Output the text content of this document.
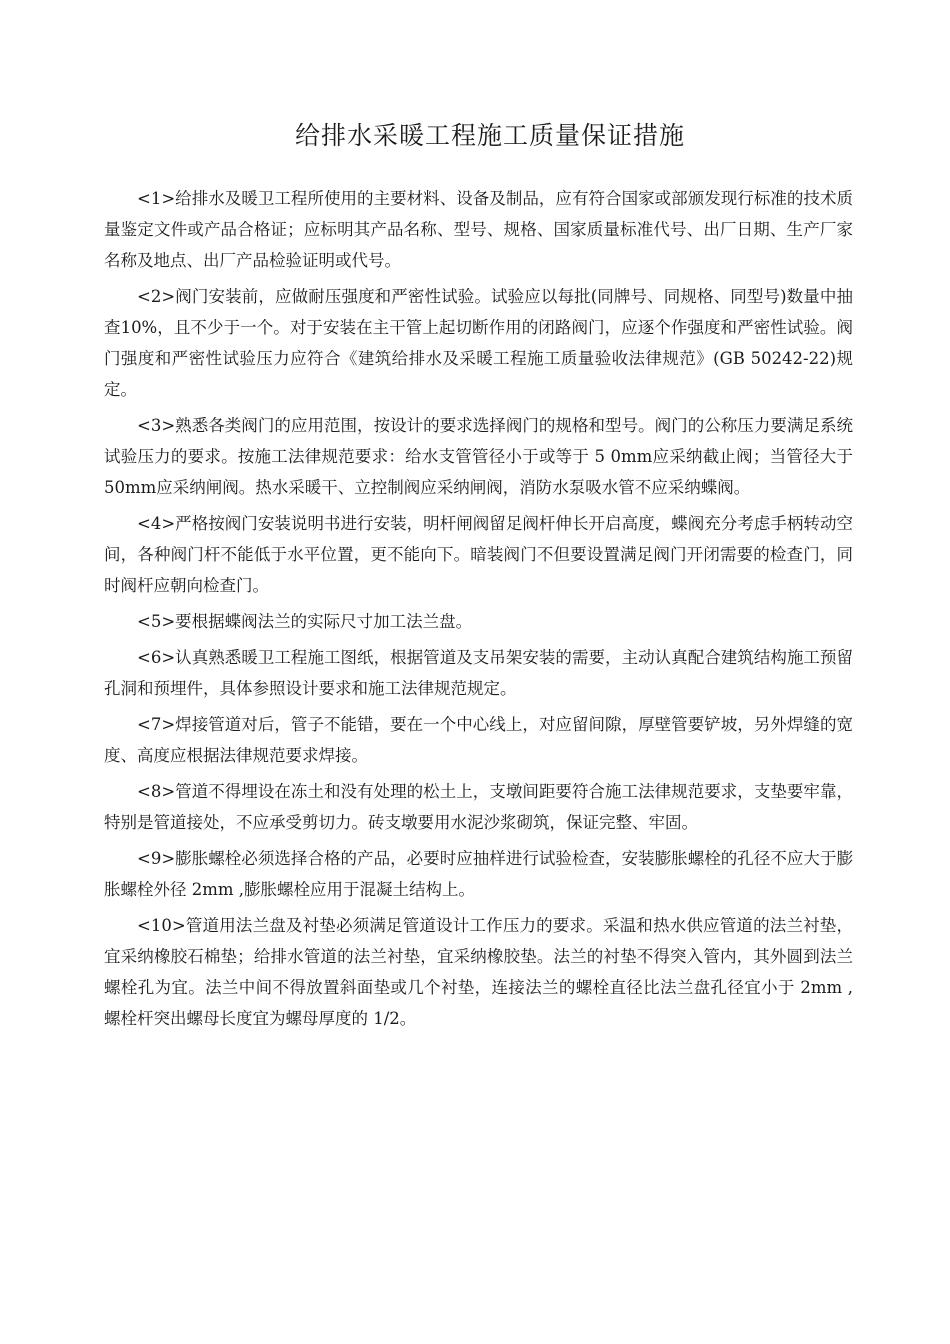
给排水采暖工程施工质量保证措施

<1>给排水及暖卫工程所使用的主要材料、设备及制品，应有符合国家或部颁发现行标准的技术质量鉴定文件或产品合格证；应标明其产品名称、型号、规格、国家质量标准代号、出厂日期、生产厂家名称及地点、出厂产品检验证明或代号。

<2>阀门安装前，应做耐压强度和严密性试验。试验应以每批(同牌号、同规格、同型号)数量中抽查10%，且不少于一个。对于安装在主干管上起切断作用的闭路阀门，应逐个作强度和严密性试验。阀门强度和严密性试验压力应符合《建筑给排水及采暖工程施工质量验收法律规范》(GB 50242-22)规定。

<3>熟悉各类阀门的应用范围，按设计的要求选择阀门的规格和型号。阀门的公称压力要满足系统试验压力的要求。按施工法律规范要求：给水支管管径小于或等于 5 0mm应采纳截止阀；当管径大于50mm应采纳闸阀。热水采暖干、立控制阀应采纳闸阀，消防水泵吸水管不应采纳蝶阀。

<4>严格按阀门安装说明书进行安装，明杆闸阀留足阀杆伸长开启高度，蝶阀充分考虑手柄转动空间，各种阀门杆不能低于水平位置，更不能向下。暗装阀门不但要设置满足阀门开闭需要的检查门，同时阀杆应朝向检查门。

<5>要根据蝶阀法兰的实际尺寸加工法兰盘。

<6>认真熟悉暖卫工程施工图纸，根据管道及支吊架安装的需要，主动认真配合建筑结构施工预留孔洞和预埋件，具体参照设计要求和施工法律规范规定。

<7>焊接管道对后，管子不能错，要在一个中心线上，对应留间隙，厚壁管要铲坡，另外焊缝的宽度、高度应根据法律规范要求焊接。

<8>管道不得埋设在冻土和没有处理的松土上，支墩间距要符合施工法律规范要求，支垫要牢靠，特别是管道接处，不应承受剪切力。砖支墩要用水泥沙浆砌筑，保证完整、牢固。

<9>膨胀螺栓必须选择合格的产品，必要时应抽样进行试验检查，安装膨胀螺栓的孔径不应大于膨胀螺栓外径 2mm ,膨胀螺栓应用于混凝土结构上。

<10>管道用法兰盘及衬垫必须满足管道设计工作压力的要求。采温和热水供应管道的法兰衬垫，宜采纳橡胶石棉垫；给排水管道的法兰衬垫，宜采纳橡胶垫。法兰的衬垫不得突入管内，其外圆到法兰螺栓孔为宜。法兰中间不得放置斜面垫或几个衬垫，连接法兰的螺栓直径比法兰盘孔径宜小于 2mm ,螺栓杆突出螺母长度宜为螺母厚度的 1/2。
